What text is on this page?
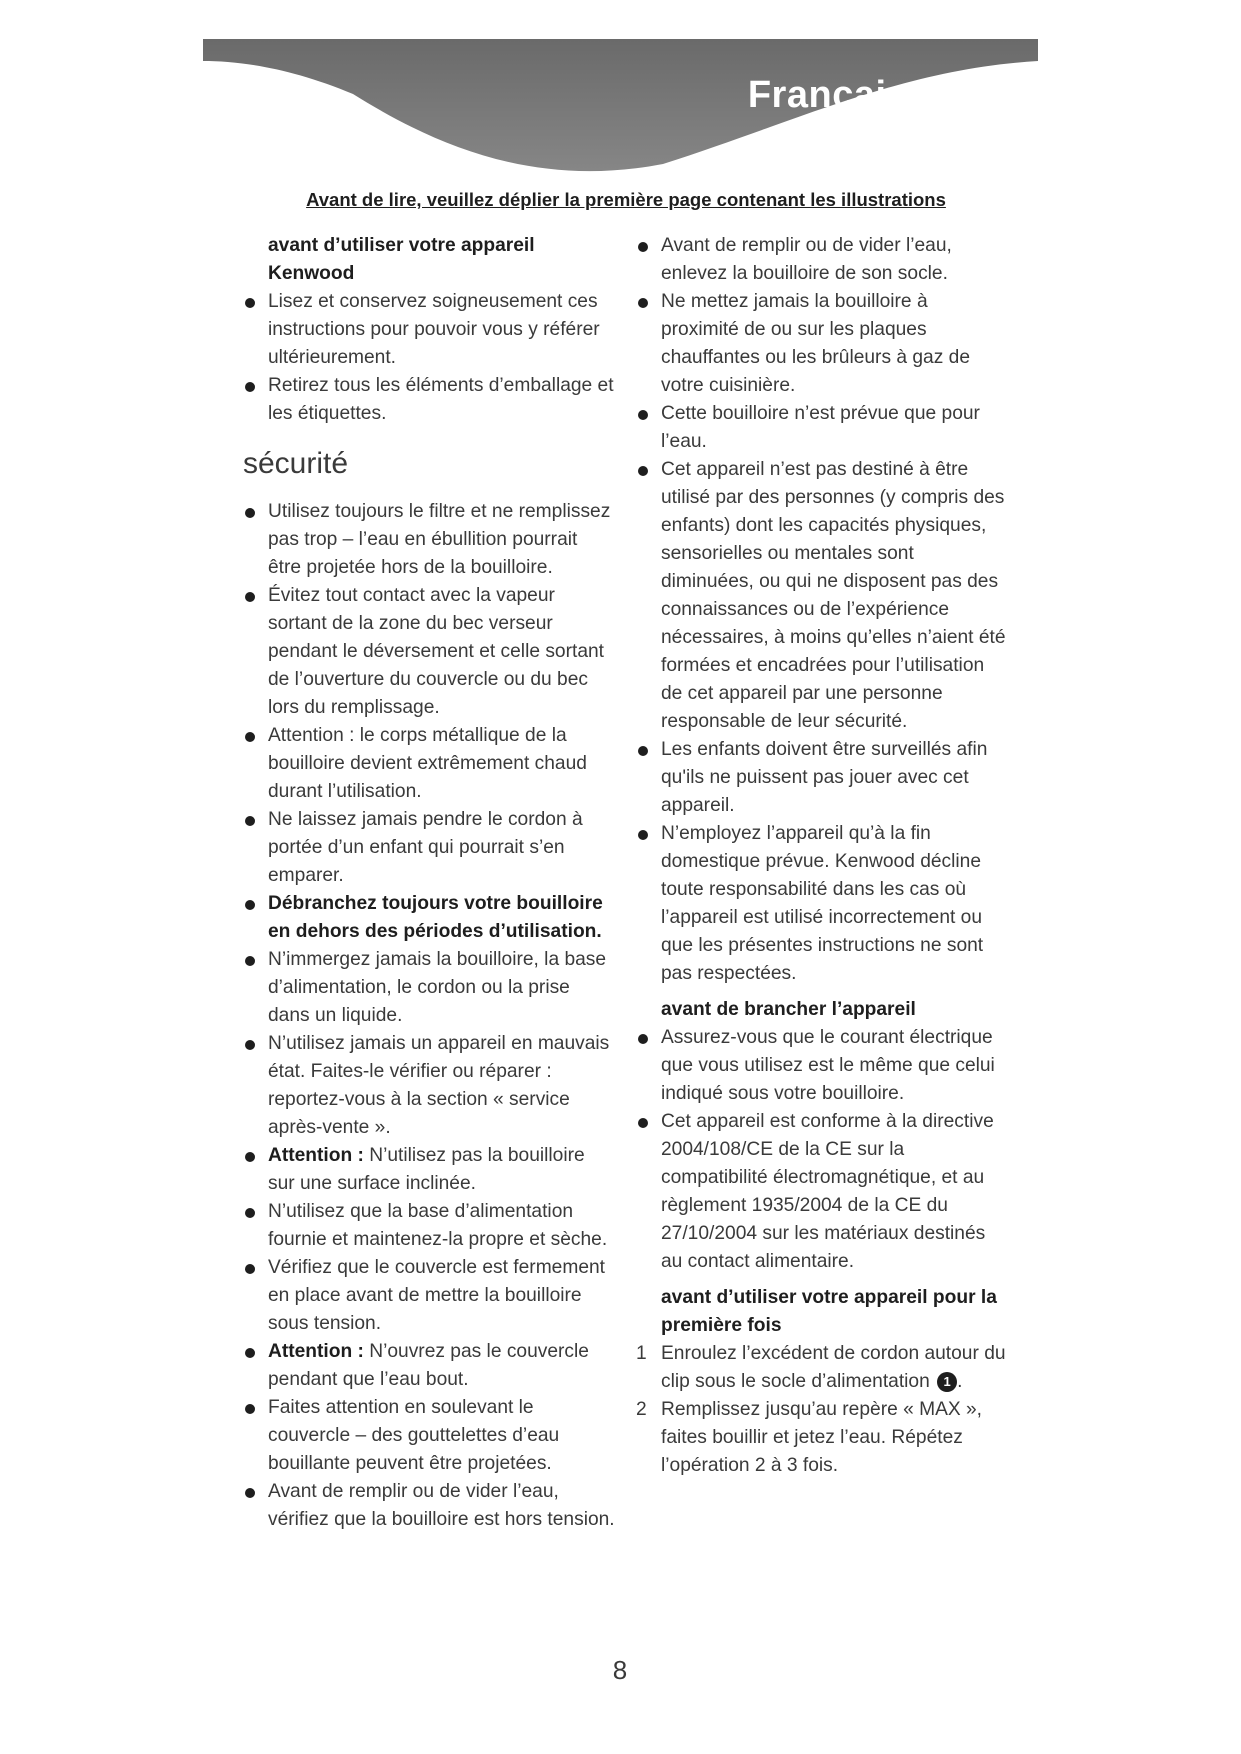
Français
Avant de lire, veuillez déplier la première page contenant les illustrations

avant d’utiliser votre appareil Kenwood

Lisez et conservez soigneusement ces instructions pour pouvoir vous y référer ultérieurement.
Retirez tous les éléments d’emballage et les étiquettes.
sécurité
Utilisez toujours le filtre et ne remplissez pas trop – l’eau en ébullition pourrait être projetée hors de la bouilloire.
Évitez tout contact avec la vapeur sortant de la zone du bec verseur pendant le déversement et celle sortant de l’ouverture du couvercle ou du bec lors du remplissage.
Attention : le corps métallique de la bouilloire devient extrêmement chaud durant l’utilisation.
Ne laissez jamais pendre le cordon à portée d’un enfant qui pourrait s’en emparer.
Débranchez toujours votre bouilloire en dehors des périodes d’utilisation.
N’immergez jamais la bouilloire, la base d’alimentation, le cordon ou la prise dans un liquide.
N’utilisez jamais un appareil en mauvais état. Faites-le vérifier ou réparer : reportez-vous à la section « service après-vente ».
Attention : N’utilisez pas la bouilloire sur une surface inclinée.
N’utilisez que la base d’alimentation fournie et maintenez-la propre et sèche.
Vérifiez que le couvercle est fermement en place avant de mettre la bouilloire sous tension.
Attention : N’ouvrez pas le couvercle pendant que l’eau bout.
Faites attention en soulevant le couvercle – des gouttelettes d’eau bouillante peuvent être projetées.
Avant de remplir ou de vider l’eau, vérifiez que la bouilloire est hors tension.
Avant de remplir ou de vider l’eau, enlevez la bouilloire de son socle.
Ne mettez jamais la bouilloire à proximité de ou sur les plaques chauffantes ou les brûleurs à gaz de votre cuisinière.
Cette bouilloire n’est prévue que pour l’eau.
Cet appareil n’est pas destiné à être utilisé par des personnes (y compris des enfants) dont les capacités physiques, sensorielles ou mentales sont diminuées, ou qui ne disposent pas des connaissances ou de l’expérience nécessaires, à moins qu’elles n’aient été formées et encadrées pour l’utilisation de cet appareil par une personne responsable de leur sécurité.
Les enfants doivent être surveillés afin qu'ils ne puissent pas jouer avec cet appareil.
N’employez l’appareil qu’à la fin domestique prévue. Kenwood décline toute responsabilité dans les cas où l’appareil est utilisé incorrectement ou que les présentes instructions ne sont pas respectées.

avant de brancher l’appareil

Assurez-vous que le courant électrique que vous utilisez est le même que celui indiqué sous votre bouilloire.
Cet appareil est conforme à la directive 2004/108/CE de la CE sur la compatibilité électromagnétique, et au règlement 1935/2004 de la CE du 27/10/2004 sur les matériaux destinés au contact alimentaire.

avant d’utiliser votre appareil pour la première fois

1 Enroulez l’excédent de cordon autour du clip sous le socle d’alimentation 1 .
2 Remplissez jusqu’au repère « MAX », faites bouillir et jetez l’eau. Répétez l’opération 2 à 3 fois.
8
